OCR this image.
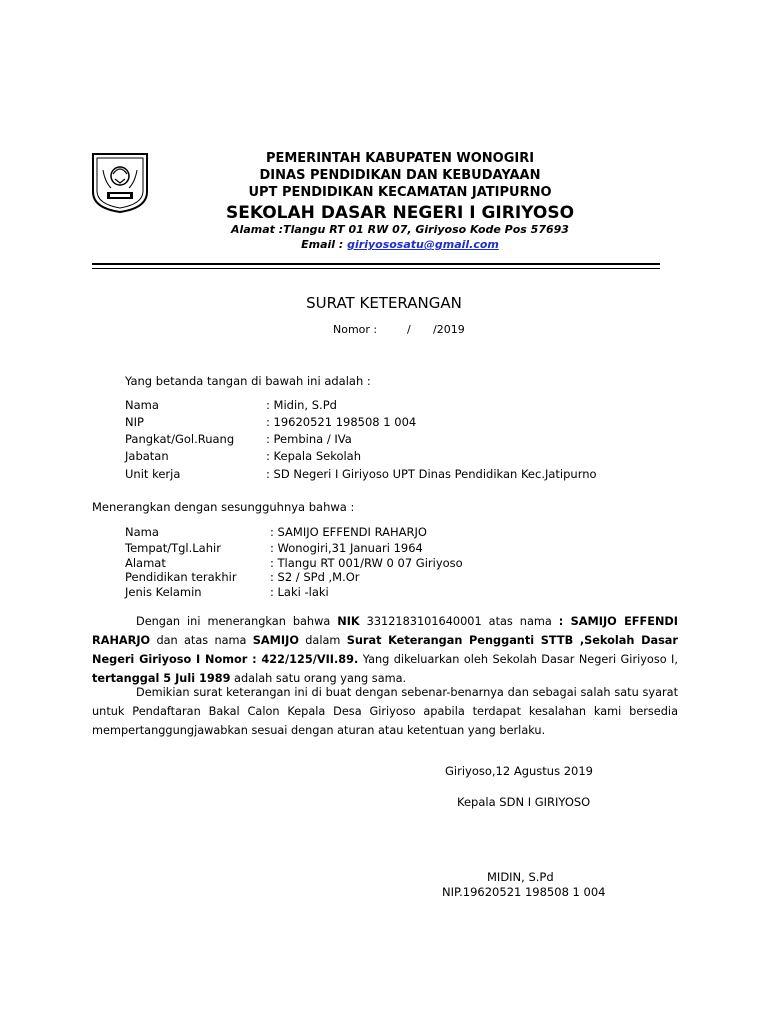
PEMERINTAH KABUPATEN WONOGIRI
DINAS PENDIDIKAN DAN KEBUDAYAAN
UPT PENDIDIKAN KECAMATAN JATIPURNO
SEKOLAH DASAR NEGERI I GIRIYOSO
Alamat :Tlangu RT 01 RW 07, Giriyoso Kode Pos 57693
Email : giriyososatu@gmail.com
SURAT KETERANGAN
Nomor :	/ /2019
Yang betanda tangan di bawah ini adalah :
Nama	: Midin, S.Pd
NIP	: 19620521 198508 1 004
Pangkat/Gol.Ruang	: Pembina / IVa
Jabatan	: Kepala Sekolah
Unit kerja	: SD Negeri I Giriyoso UPT Dinas Pendidikan Kec.Jatipurno
Menerangkan dengan sesungguhnya bahwa :
Nama	: SAMIJO EFFENDI RAHARJO
Tempat/Tgl.Lahir	: Wonogiri,31 Januari 1964
Alamat	: Tlangu RT 001/RW 0 07 Giriyoso
Pendidikan terakhir	: S2 / SPd ,M.Or
Jenis Kelamin	: Laki -laki
Dengan ini menerangkan bahwa NIK 3312183101640001 atas nama : SAMIJO EFFENDI RAHARJO dan atas nama SAMIJO dalam Surat Keterangan Pengganti STTB ,Sekolah Dasar Negeri Giriyoso I Nomor : 422/125/VII.89. Yang dikeluarkan oleh Sekolah Dasar Negeri Giriyoso I, tertanggal 5 Juli 1989 adalah satu orang yang sama.
Demikian surat keterangan ini di buat dengan sebenar-benarnya dan sebagai salah satu syarat untuk Pendaftaran Bakal Calon Kepala Desa Giriyoso apabila terdapat kesalahan kami bersedia mempertanggungjawabkan sesuai dengan aturan atau ketentuan yang berlaku.
Giriyoso,12 Agustus 2019
Kepala SDN I GIRIYOSO
MIDIN, S.Pd
NIP.19620521 198508 1 004
